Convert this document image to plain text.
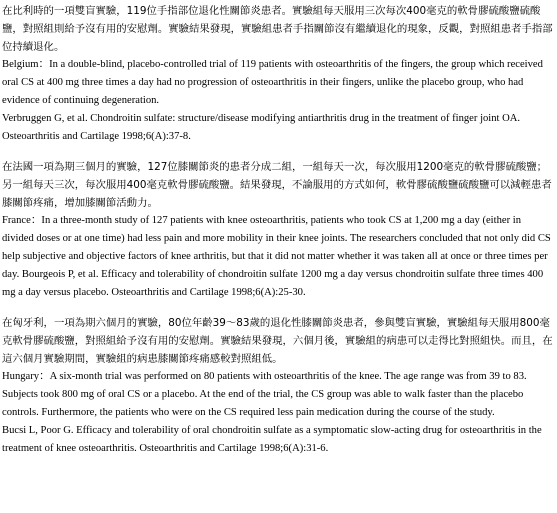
在比利時的一項雙盲實驗，119位手指部位退化性關節炎患者。實驗組每天服用三次每次400毫克的軟骨膠硫酸鹽硫酸鹽，對照組則給予沒有用的安慰劑。實驗結果發現，實驗組患者手指關節沒有繼續退化的現象，反觀，對照組患者手指部位持續退化。

Belgium：In a double-blind, placebo-controlled trial of 119 patients with osteoarthritis of the fingers, the group which received oral CS at 400 mg three times a day had no progression of osteoarthritis in their fingers, unlike the placebo group, who had evidence of continuing degeneration.

Verbruggen G, et al. Chondroitin sulfate: structure/disease modifying antiarthritis drug in the treatment of finger joint OA. Osteoarthritis and Cartilage 1998;6(A):37-8.

在法國一項為期三個月的實驗，127位膝關節炎的患者分成二組，一組每天一次，每次服用1200毫克的軟骨膠硫酸鹽；另一組每天三次，每次服用400毫克軟骨膠硫酸鹽。結果發現，不論服用的方式如何，軟骨膠硫酸鹽硫酸鹽可以減輕患者膝關節疼痛，增加膝關節活動力。

France：In a three-month study of 127 patients with knee osteoarthritis, patients who took CS at 1,200 mg a day (either in divided doses or at one time) had less pain and more mobility in their knee joints. The researchers concluded that not only did CS help subjective and objective factors of knee arthritis, but that it did not matter whether it was taken all at once or three times per day. Bourgeois P, et al. Efficacy and tolerability of chondroitin sulfate 1200 mg a day versus chondroitin sulfate three times 400 mg a day versus placebo. Osteoarthritis and Cartilage 1998;6(A):25-30.

在匈牙利，一項為期六個月的實驗，80位年齡39～83歲的退化性膝關節炎患者，參與雙盲實驗，實驗組每天服用800毫克軟骨膠硫酸鹽，對照組給予沒有用的安慰劑。實驗結果發現，六個月後，實驗組的病患可以走得比對照組快。而且，在這六個月實驗期間，實驗組的病患膝關節疼痛感較對照組低。

Hungary：A six-month trial was performed on 80 patients with osteoarthritis of the knee. The age range was from 39 to 83. Subjects took 800 mg of oral CS or a placebo. At the end of the trial, the CS group was able to walk faster than the placebo controls. Furthermore, the patients who were on the CS required less pain medication during the course of the study.

Bucsi L, Poor G. Efficacy and tolerability of oral chondroitin sulfate as a symptomatic slow-acting drug for osteoarthritis in the treatment of knee osteoarthritis. Osteoarthritis and Cartilage 1998;6(A):31-6.
